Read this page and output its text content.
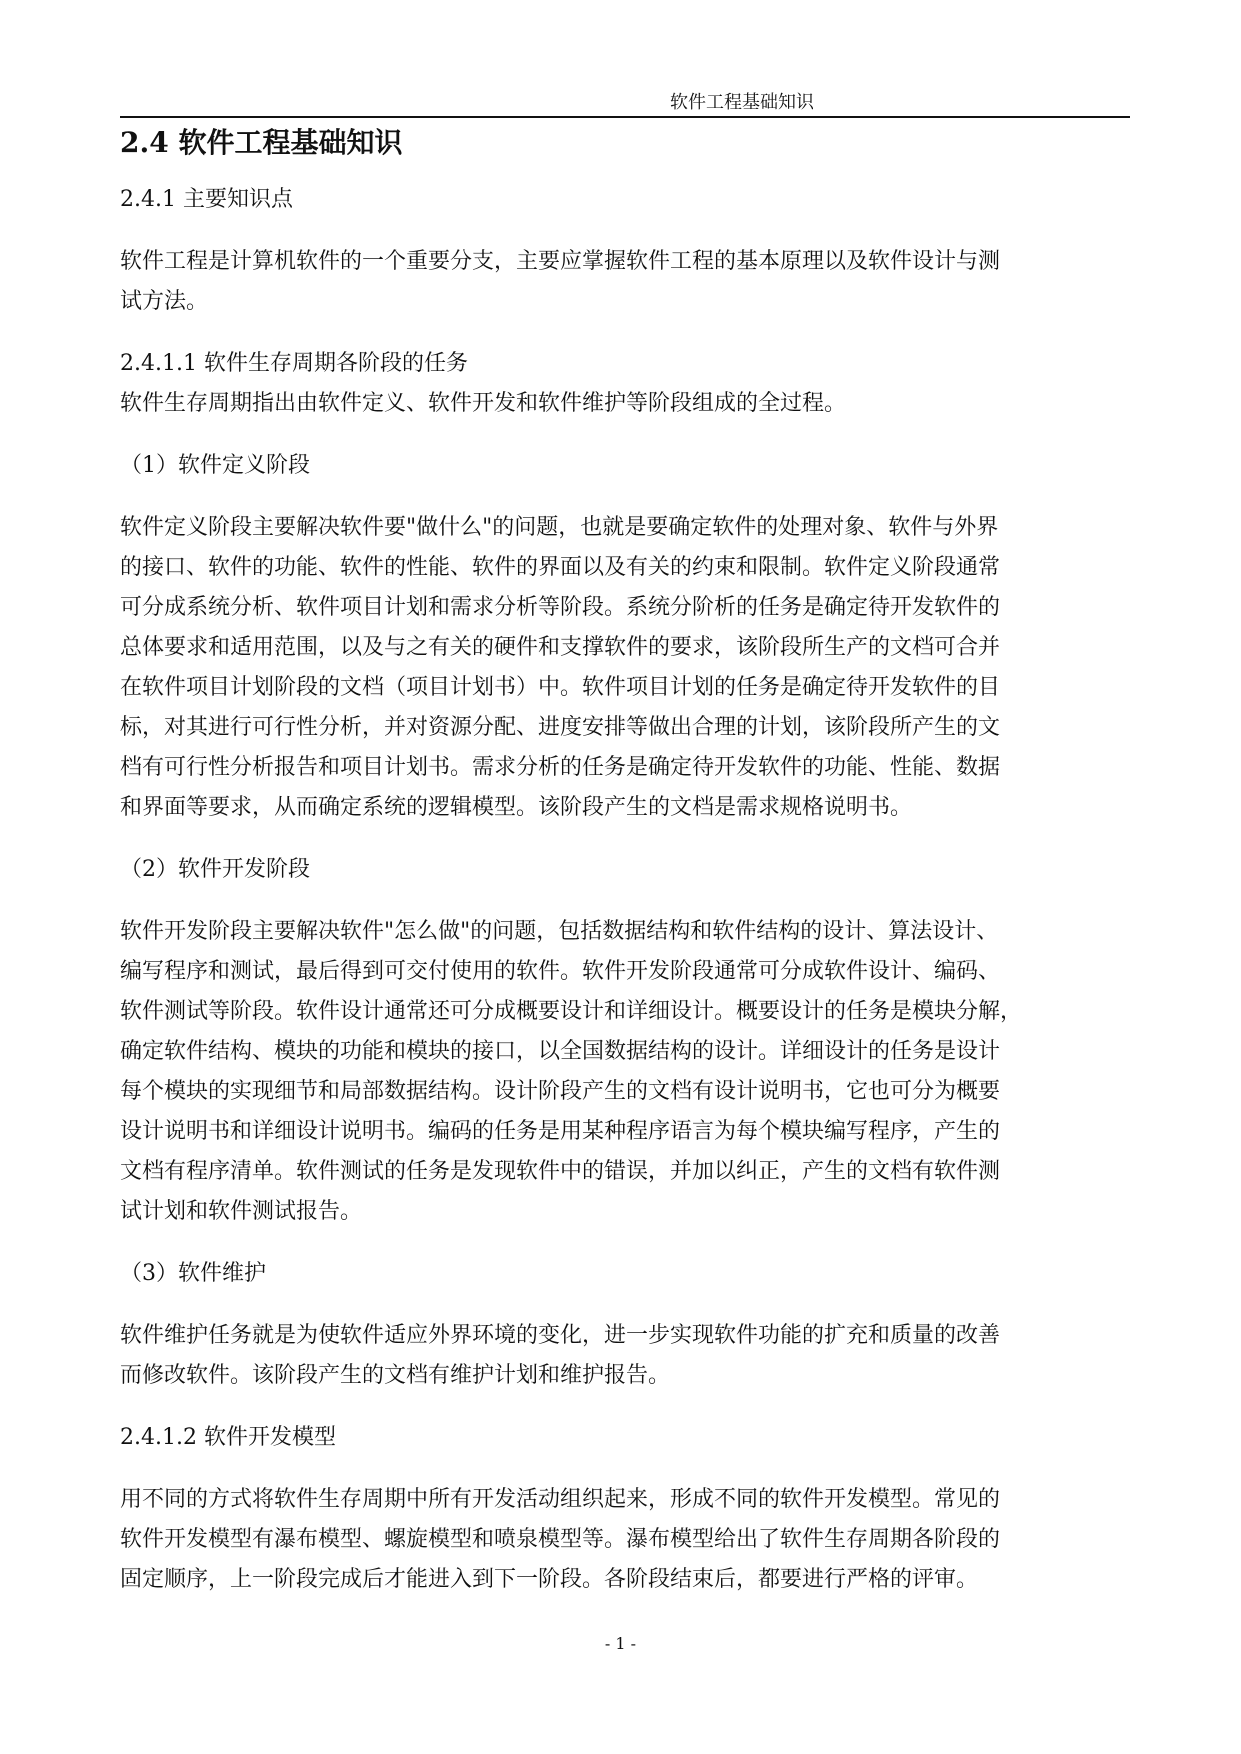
软件工程基础知识
2.4 软件工程基础知识

2.4.1 主要知识点

软件工程是计算机软件的一个重要分支，主要应掌握软件工程的基本原理以及软件设计与测
试方法。

2.4.1.1 软件生存周期各阶段的任务

软件生存周期指出由软件定义、软件开发和软件维护等阶段组成的全过程。

（1）软件定义阶段

软件定义阶段主要解决软件要"做什么"的问题，也就是要确定软件的处理对象、软件与外界
的接口、软件的功能、软件的性能、软件的界面以及有关的约束和限制。软件定义阶段通常
可分成系统分析、软件项目计划和需求分析等阶段。系统分阶析的任务是确定待开发软件的
总体要求和适用范围，以及与之有关的硬件和支撑软件的要求，该阶段所生产的文档可合并
在软件项目计划阶段的文档（项目计划书）中。软件项目计划的任务是确定待开发软件的目
标，对其进行可行性分析，并对资源分配、进度安排等做出合理的计划，该阶段所产生的文
档有可行性分析报告和项目计划书。需求分析的任务是确定待开发软件的功能、性能、数据
和界面等要求，从而确定系统的逻辑模型。该阶段产生的文档是需求规格说明书。

（2）软件开发阶段

软件开发阶段主要解决软件"怎么做"的问题，包括数据结构和软件结构的设计、算法设计、
编写程序和测试，最后得到可交付使用的软件。软件开发阶段通常可分成软件设计、编码、
软件测试等阶段。软件设计通常还可分成概要设计和详细设计。概要设计的任务是模块分解，
确定软件结构、模块的功能和模块的接口，以全国数据结构的设计。详细设计的任务是设计
每个模块的实现细节和局部数据结构。设计阶段产生的文档有设计说明书，它也可分为概要
设计说明书和详细设计说明书。编码的任务是用某种程序语言为每个模块编写程序，产生的
文档有程序清单。软件测试的任务是发现软件中的错误，并加以纠正，产生的文档有软件测
试计划和软件测试报告。

（3）软件维护

软件维护任务就是为使软件适应外界环境的变化，进一步实现软件功能的扩充和质量的改善
而修改软件。该阶段产生的文档有维护计划和维护报告。

2.4.1.2 软件开发模型

用不同的方式将软件生存周期中所有开发活动组织起来，形成不同的软件开发模型。常见的
软件开发模型有瀑布模型、螺旋模型和喷泉模型等。瀑布模型给出了软件生存周期各阶段的
固定顺序，上一阶段完成后才能进入到下一阶段。各阶段结束后，都要进行严格的评审。

- 1 -
